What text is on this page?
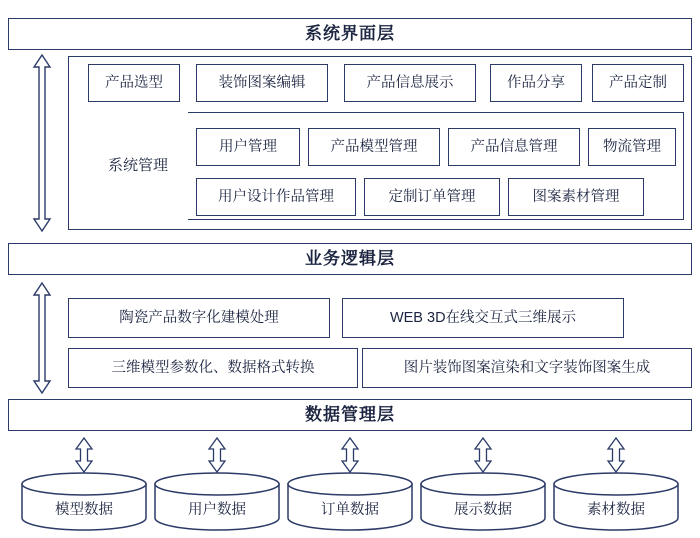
系统界面层
产品选型	装饰图案编辑	产品信息展示	作品分享	产品定制
系统管理
用户管理	产品模型管理	产品信息管理	物流管理
用户设计作品管理	定制订单管理	图案素材管理
业务逻辑层
陶瓷产品数字化建模处理	WEB 3D在线交互式三维展示
三维模型参数化、数据格式转换	图片装饰图案渲染和文字装饰图案生成
数据管理层
模型数据	用户数据	订单数据	展示数据	素材数据
